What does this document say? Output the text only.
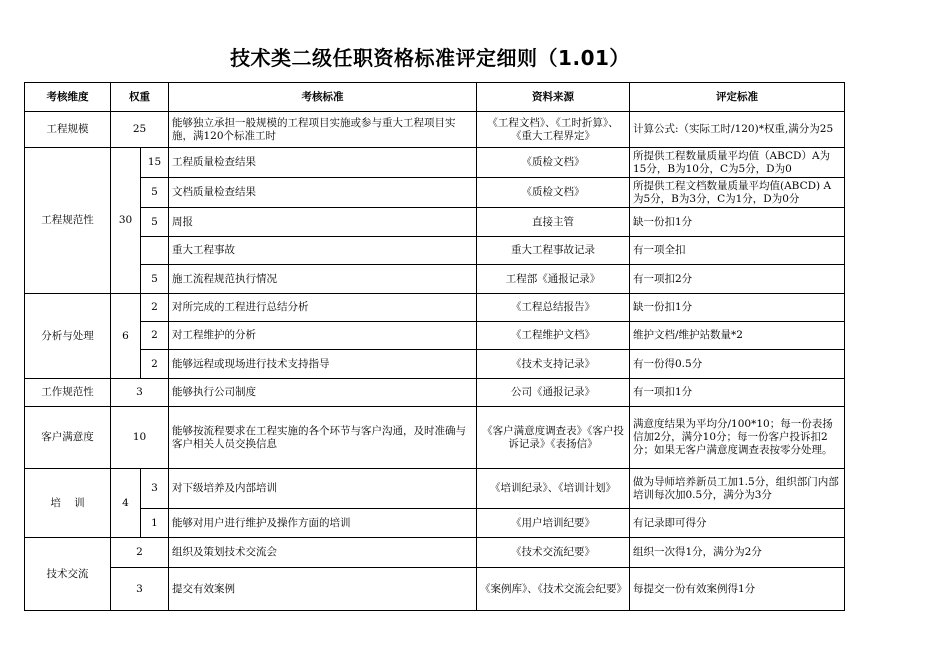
技术类二级任职资格标准评定细则（1.01）
考核维度	权重		考核标准	资料来源	评定标准
工程规模	25		能够独立承担一般规模的工程项目实施或参与重大工程项目实施，满120个标准工时	《工程文档》、《工时折算》、《重大工程界定》	计算公式:（实际工时/120)*权重,满分为25
工程规范性	30	15	工程质量检查结果	《质检文档》	所提供工程数量质量平均值（ABCD）A为15分，B为10分，C为5分，D为0
		5	文档质量检查结果	《质检文档》	所提供工程文档数量质量平均值(ABCD) A为5分，B为3分，C为1分，D为0分
		5	周报	直接主管	缺一份扣1分
			重大工程事故	重大工程事故记录	有一项全扣
		5	施工流程规范执行情况	工程部《通报记录》	有一项扣2分
分析与处理	6	2	对所完成的工程进行总结分析	《工程总结报告》	缺一份扣1分
		2	对工程维护的分析	《工程维护文档》	维护文档/维护站数量*2
		2	能够远程或现场进行技术支持指导	《技术支持记录》	有一份得0.5分
工作规范性	3		能够执行公司制度	公司《通报记录》	有一项扣1分
客户满意度	10		能够按流程要求在工程实施的各个环节与客户沟通，及时准确与客户相关人员交换信息	《客户满意度调查表》《客户投诉记录》《表扬信》	满意度结果为平均分/100*10；每一份表扬信加2分，满分10分；每一份客户投诉扣2分；如果无客户满意度调查表按零分处理。
培    训	4	3	对下级培养及内部培训	《培训纪录》、《培训计划》	做为导师培养新员工加1.5分，组织部门内部培训每次加0.5分，满分为3分
		1	能够对用户进行维护及操作方面的培训	《用户培训纪要》	有记录即可得分
技术交流	2		组织及策划技术交流会	《技术交流纪要》	组织一次得1分，满分为2分
	3		提交有效案例	《案例库》、《技术交流会纪要》	每提交一份有效案例得1分
